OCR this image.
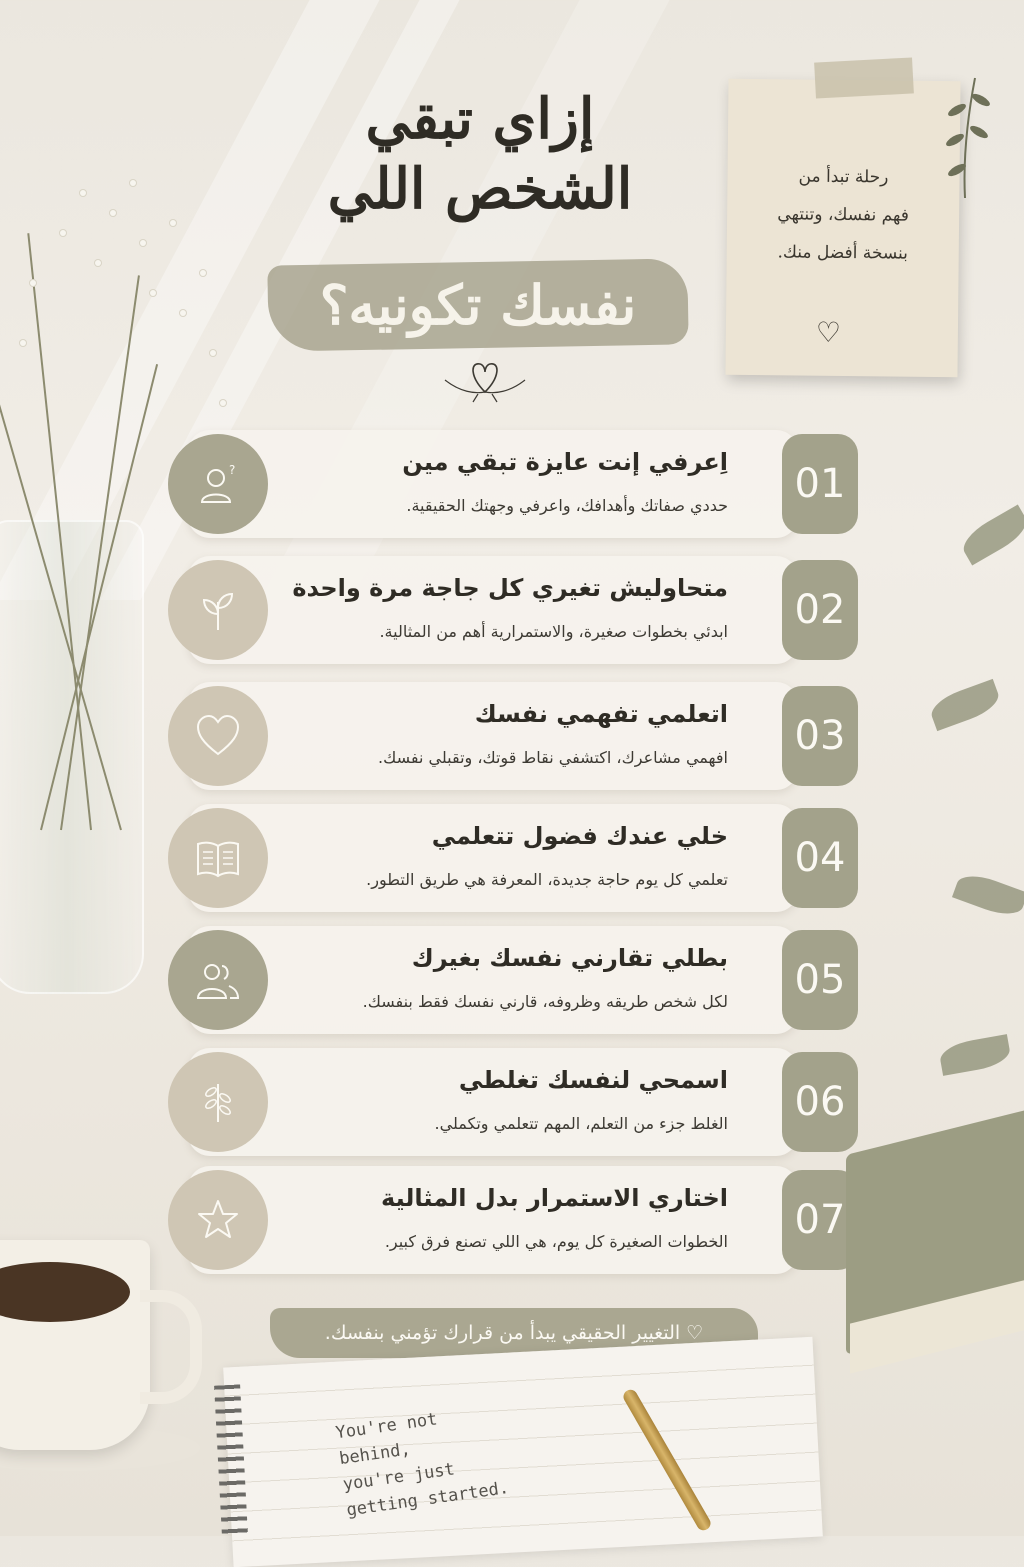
إزاي تبقي
الشخص اللي
نفسك تكونيه؟
رحلة تبدأ من
فهم نفسك، وتنتهي
بنسخة أفضل منك.
♡
?	01
اِعرفي إنت عايزة تبقي مين
حددي صفاتك وأهدافك، واعرفي وجهتك الحقيقية.
02
متحاوليش تغيري كل جاجة مرة واحدة
ابدئي بخطوات صغيرة، والاستمرارية أهم من المثالية.
03
اتعلمي تفهمي نفسك
افهمي مشاعرك، اكتشفي نقاط قوتك، وتقبلي نفسك.
04
خلي عندك فضول تتعلمي
تعلمي كل يوم حاجة جديدة، المعرفة هي طريق التطور.
05
بطلي تقارني نفسك بغيرك
لكل شخص طريقه وظروفه، قارني نفسك فقط بنفسك.
06
اسمحي لنفسك تغلطي
الغلط جزء من التعلم، المهم تتعلمي وتكملي.
07
اختاري الاستمرار بدل المثالية
الخطوات الصغيرة كل يوم، هي اللي تصنع فرق كبير.
♡ التغيير الحقيقي يبدأ من قرارك تؤمني بنفسك.
You're not
behind,
you're just
getting started.
